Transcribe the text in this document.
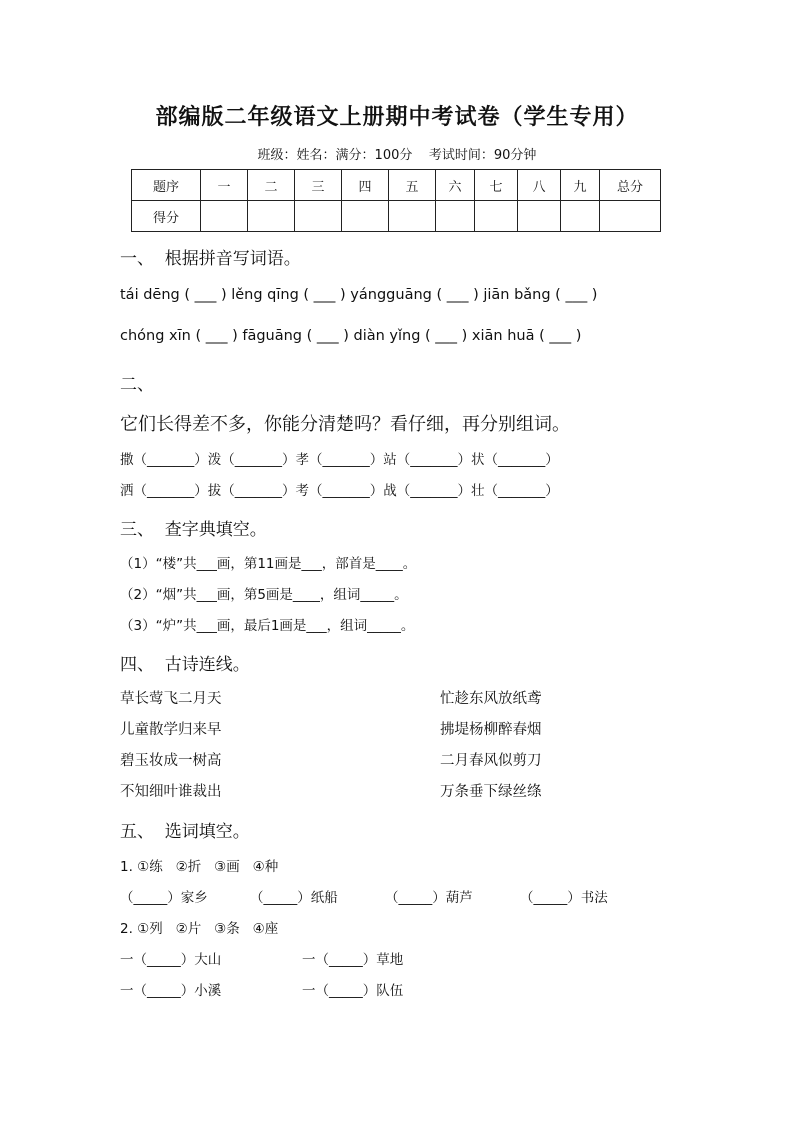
部编版二年级语文上册期中考试卷（学生专用）
班级：姓名：满分：100分    考试时间：90分钟
题序	一	二	三	四	五	六	七	八	九	总分
得分										
一、  根据拼音写词语。
tái dēng ( ___ ) lěng qīng ( ___ ) yángguāng ( ___ ) jiān bǎng ( ___ )
chóng xīn ( ___ ) fāguāng ( ___ ) diàn yǐng ( ___ ) xiān huā ( ___ )
二、
它们长得差不多，你能分清楚吗？看仔细，再分别组词。
撒（_______）泼（_______）孝（_______）站（_______）状（_______）
洒（_______）拔（_______）考（_______）战（_______）壮（_______）
三、  查字典填空。
（1）“楼”共___画，第11画是___，部首是____。
（2）“烟”共___画，第5画是____，组词_____。
（3）“炉”共___画，最后1画是___，组词_____。
四、  古诗连线。
草长莺飞二月天
儿童散学归来早
碧玉妆成一树高
不知细叶谁裁出
忙趁东风放纸鸢
拂堤杨柳醉春烟
二月春风似剪刀
万条垂下绿丝绦
五、  选词填空。
1. ①练   ②折   ③画   ④种
（_____）家乡	（_____）纸船	（_____）葫芦	（_____）书法
2. ①列   ②片   ③条   ④座
一（_____）大山	一（_____）草地
一（_____）小溪	一（_____）队伍
